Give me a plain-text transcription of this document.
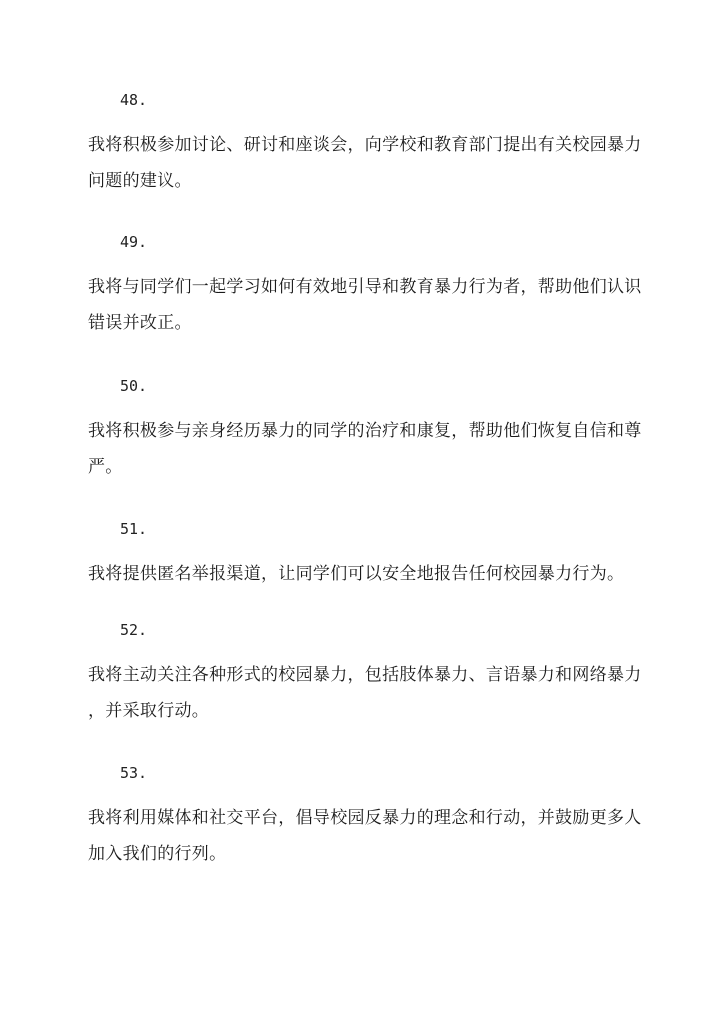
48.
我将积极参加讨论、研讨和座谈会，向学校和教育部门提出有关校园暴力
问题的建议。
49.
我将与同学们一起学习如何有效地引导和教育暴力行为者，帮助他们认识
错误并改正。
50.
我将积极参与亲身经历暴力的同学的治疗和康复，帮助他们恢复自信和尊
严。
51.
我将提供匿名举报渠道，让同学们可以安全地报告任何校园暴力行为。
52.
我将主动关注各种形式的校园暴力，包括肢体暴力、言语暴力和网络暴力
，并采取行动。
53.
我将利用媒体和社交平台，倡导校园反暴力的理念和行动，并鼓励更多人
加入我们的行列。
